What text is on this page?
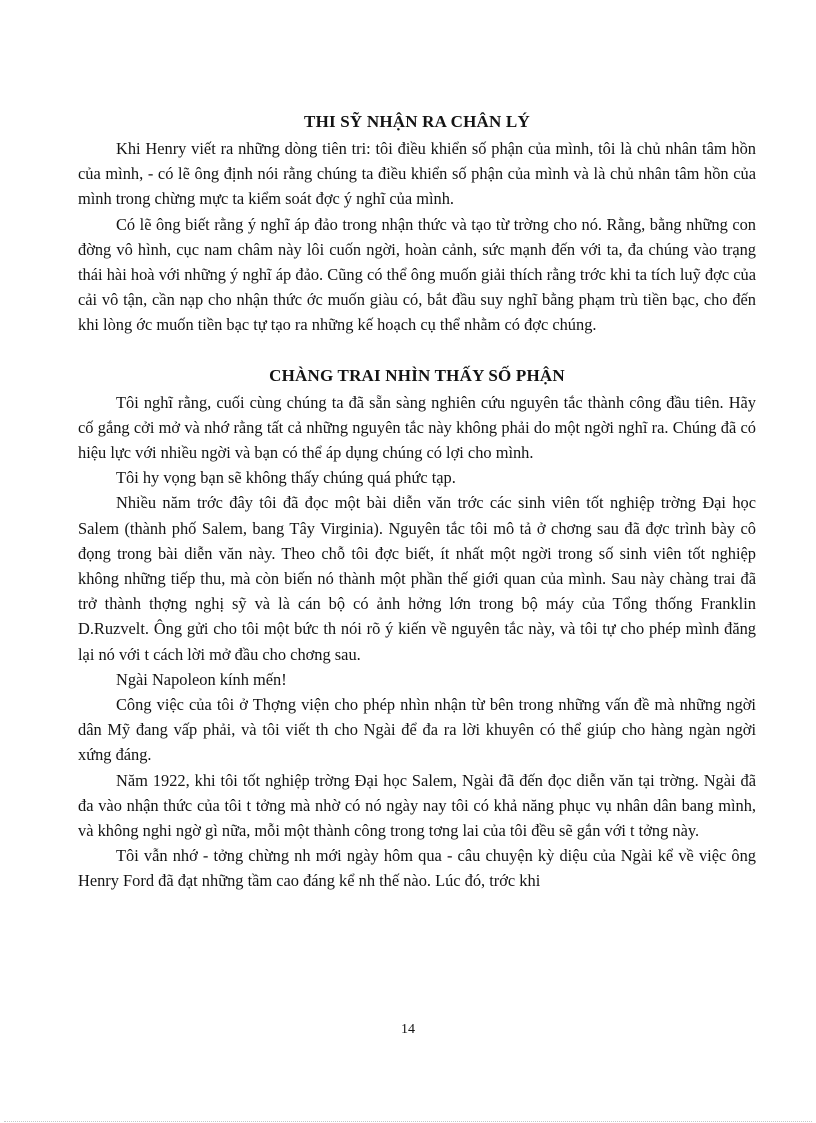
THI SỸ NHẬN RA CHÂN LÝ

Khi Henry viết ra những dòng tiên tri: tôi điều khiển số phận của mình, tôi là chủ nhân tâm hồn của mình, - có lẽ ông định nói rằng chúng ta điều khiển số phận của mình và là chủ nhân tâm hồn của mình trong chừng mực ta kiểm soát đợc ý nghĩ của mình.

Có lẽ ông biết rằng ý nghĩ áp đảo trong nhận thức và tạo từ trờng cho nó. Rằng, bằng những con đờng vô hình, cục nam châm này lôi cuốn ngời, hoàn cảnh, sức mạnh đến với ta, đa chúng vào trạng thái hài hoà với những ý nghĩ áp đảo. Cũng có thể ông muốn giải thích rằng trớc khi ta tích luỹ đợc của cải vô tận, cần nạp cho nhận thức ớc muốn giàu có, bắt đầu suy nghĩ bằng phạm trù tiền bạc, cho đến khi lòng ớc muốn tiền bạc tự tạo ra những kế hoạch cụ thể nhằm có đợc chúng.

CHÀNG TRAI NHÌN THẤY SỐ PHẬN

Tôi nghĩ rằng, cuối cùng chúng ta đã sẵn sàng nghiên cứu nguyên tắc thành công đầu tiên. Hãy cố gắng cởi mở và nhớ rằng tất cả những nguyên tắc này không phải do một ngời nghĩ ra. Chúng đã có hiệu lực với nhiều ngời và bạn có thể áp dụng chúng có lợi cho mình.

Tôi hy vọng bạn sẽ không thấy chúng quá phức tạp.

Nhiều năm trớc đây tôi đã đọc một bài diễn văn trớc các sinh viên tốt nghiệp trờng Đại học Salem (thành phố Salem, bang Tây Virginia). Nguyên tắc tôi mô tả ở chơng sau đã đợc trình bày cô đọng trong bài diễn văn này. Theo chỗ tôi đợc biết, ít nhất một ngời trong số sinh viên tốt nghiệp không những tiếp thu, mà còn biến nó thành một phần thế giới quan của mình. Sau này chàng trai đã trở thành thợng nghị sỹ và là cán bộ có ảnh hởng lớn trong bộ máy của Tổng thống Franklin D.Ruzvelt. Ông gửi cho tôi một bức th nói rõ ý kiến về nguyên tắc này, và tôi tự cho phép mình đăng lại nó với t cách lời mở đầu cho chơng sau.

Ngài Napoleon kính mến!

Công việc của tôi ở Thợng viện cho phép nhìn nhận từ bên trong những vấn đề mà những ngời dân Mỹ đang vấp phải, và tôi viết th cho Ngài để đa ra lời khuyên có thể giúp cho hàng ngàn ngời xứng đáng.

Năm 1922, khi tôi tốt nghiệp trờng Đại học Salem, Ngài đã đến đọc diễn văn tại trờng. Ngài đã đa vào nhận thức của tôi t tởng mà nhờ có nó ngày nay tôi có khả năng phục vụ nhân dân bang mình, và không nghi ngờ gì nữa, mỗi một thành công trong tơng lai của tôi đều sẽ gắn với t tởng này.

Tôi vẫn nhớ - tởng chừng nh mới ngày hôm qua - câu chuyện kỳ diệu của Ngài kể về việc ông Henry Ford đã đạt những tầm cao đáng kể nh thế nào. Lúc đó, trớc khi

14
